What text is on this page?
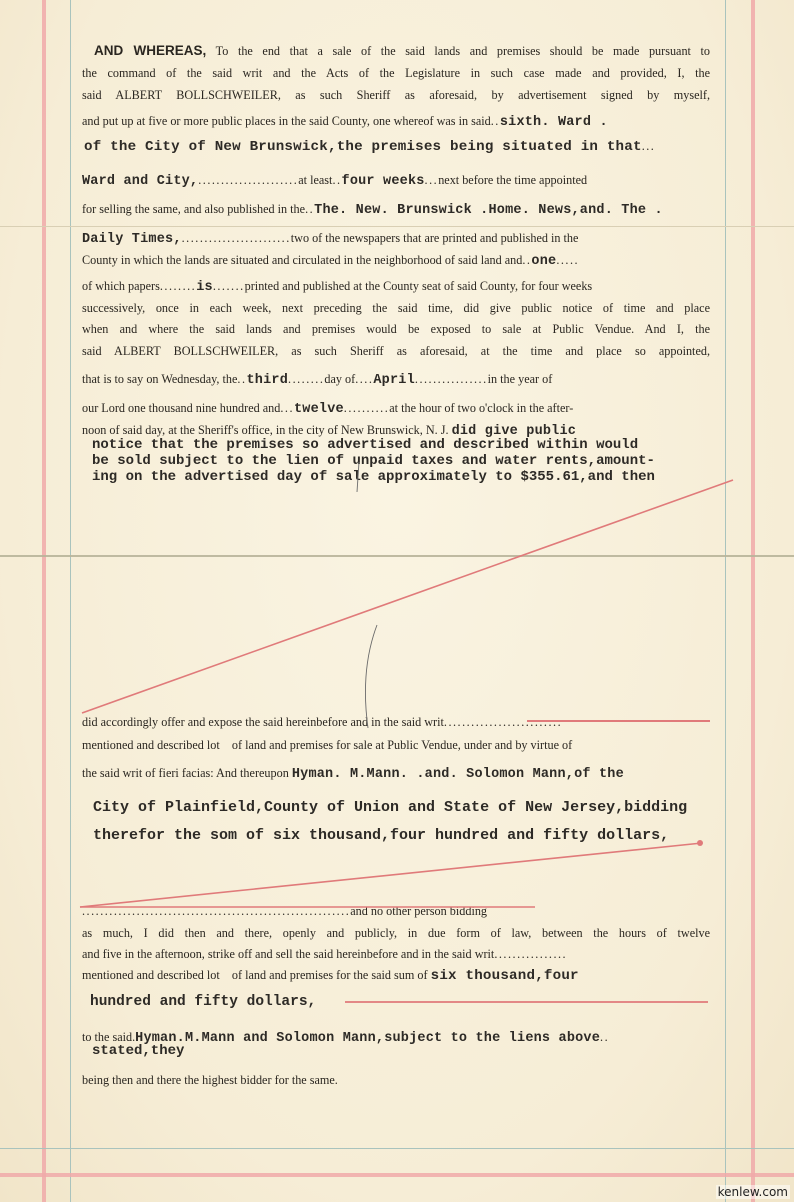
AND WHEREAS, To the end that a sale of the said lands and premises should be made pursuant to
the command of the said writ and the Acts of the Legislature in such case made and provided, I, the
said ALBERT BOLLSCHWEILER, as such Sheriff as aforesaid, by advertisement signed by myself,
and put up at five or more public places in the said County, one whereof was in said..sixth. Ward .
of the City of New Brunswick,the premises being situated in that...
Ward and City,......................at least..four weeks...next before the time appointed
for selling the same, and also published in the..The. New. Brunswick .Home. News,and. The .
Daily Times,........................two of the newspapers that are printed and published in the
County in which the lands are situated and circulated in the neighborhood of said land and..one.....
of which papers........is.......printed and published at the County seat of said County, for four weeks
successively, once in each week, next preceding the said time, did give public notice of time and place
when and where the said lands and premises would be exposed to sale at Public Vendue. And I, the
said ALBERT BOLLSCHWEILER, as such Sheriff as aforesaid, at the time and place so appointed,
that is to say on Wednesday, the..third........day of....April................in the year of
our Lord one thousand nine hundred and...twelve..........at the hour of two o'clock in the after-
noon of said day, at the Sheriff's office, in the city of New Brunswick, N. J. did give public
notice that the premises so advertised and described within would
be sold subject to the lien of unpaid taxes and water rents,amount-
ing on the advertised day of sale approximately to $355.61,and then
did accordingly offer and expose the said hereinbefore and in the said writ..........................
mentioned and described lot    of land and premises for sale at Public Vendue, under and by virtue of
the said writ of fieri facias: And thereupon Hyman. M.Mann. .and. Solomon Mann,of the
City of Plainfield,County of Union and State of New Jersey,bidding
therefor the som of six thousand,four hundred and fifty dollars,
...........................................................and no other person bidding
as much, I did then and there, openly and publicly, in due form of law, between the hours of twelve
and five in the afternoon, strike off and sell the said hereinbefore and in the said writ................
mentioned and described lot    of land and premises for the said sum of six thousand,four
hundred and fifty dollars,
to the said.Hyman.M.Mann and Solomon Mann,subject to the liens above..
stated,they
being then and there the highest bidder for the same.
kenlew.com
